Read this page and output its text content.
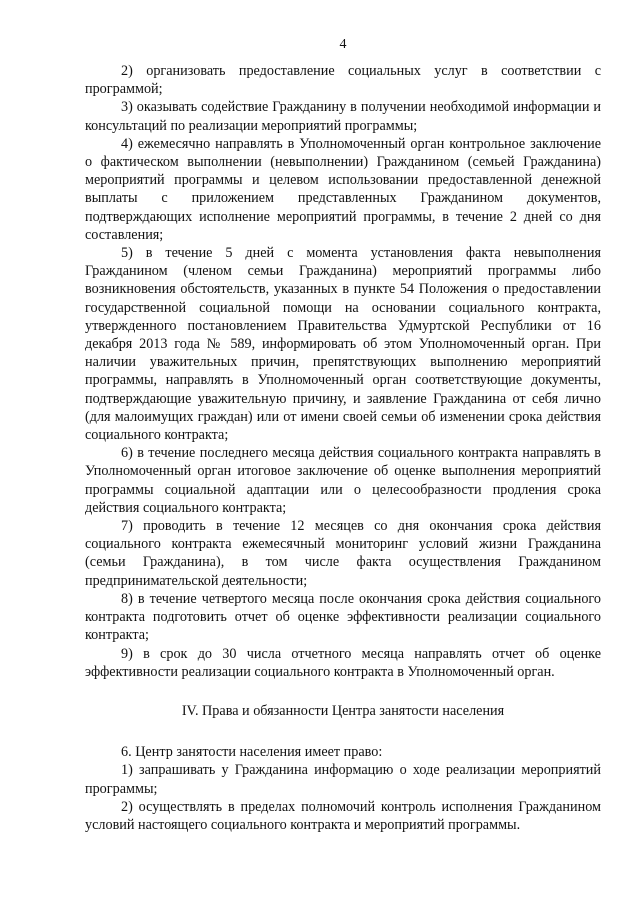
4

2) организовать предоставление социальных услуг в соответствии с программой;

3) оказывать содействие Гражданину в получении необходимой информации и консультаций по реализации мероприятий программы;

4) ежемесячно направлять в Уполномоченный орган контрольное заключение о фактическом выполнении (невыполнении) Гражданином (семьей Гражданина) мероприятий программы и целевом использовании предоставленной денежной выплаты с приложением представленных Гражданином документов, подтверждающих исполнение мероприятий программы, в течение 2 дней со дня составления;

5) в течение 5 дней с момента установления факта невыполнения Гражданином (членом семьи Гражданина) мероприятий программы либо возникновения обстоятельств, указанных в пункте 54 Положения о предоставлении государственной социальной помощи на основании социального контракта, утвержденного постановлением Правительства Удмуртской Республики от 16 декабря 2013 года № 589, информировать об этом Уполномоченный орган. При наличии уважительных причин, препятствующих выполнению мероприятий программы, направлять в Уполномоченный орган соответствующие документы, подтверждающие уважительную причину, и заявление Гражданина от себя лично (для малоимущих граждан) или от имени своей семьи об изменении срока действия социального контракта;

6) в течение последнего месяца действия социального контракта направлять в Уполномоченный орган итоговое заключение об оценке выполнения мероприятий программы социальной адаптации или о целесообразности продления срока действия социального контракта;

7) проводить в течение 12 месяцев со дня окончания срока действия социального контракта ежемесячный мониторинг условий жизни Гражданина (семьи Гражданина), в том числе факта осуществления Гражданином предпринимательской деятельности;

8) в течение четвертого месяца после окончания срока действия социального контракта подготовить отчет об оценке эффективности реализации социального контракта;

9) в срок до 30 числа отчетного месяца направлять отчет об оценке эффективности реализации социального контракта в Уполномоченный орган.

IV. Права и обязанности Центра занятости населения

6. Центр занятости населения имеет право:

1) запрашивать у Гражданина информацию о ходе реализации мероприятий программы;

2) осуществлять в пределах полномочий контроль исполнения Гражданином условий настоящего социального контракта и мероприятий программы.
